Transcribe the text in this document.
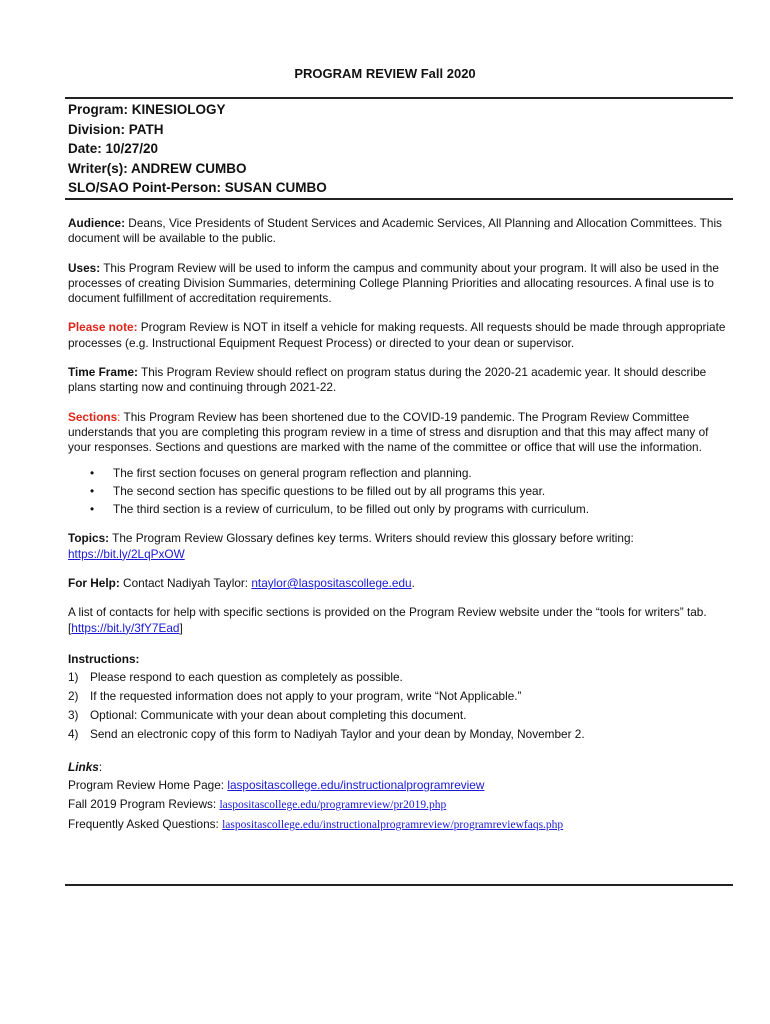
PROGRAM REVIEW Fall 2020
Program: KINESIOLOGY
Division: PATH
Date: 10/27/20
Writer(s): ANDREW CUMBO
SLO/SAO Point-Person: SUSAN CUMBO

Audience: Deans, Vice Presidents of Student Services and Academic Services, All Planning and Allocation Committees. This document will be available to the public.

Uses: This Program Review will be used to inform the campus and community about your program. It will also be used in the processes of creating Division Summaries, determining College Planning Priorities and allocating resources. A final use is to document fulfillment of accreditation requirements.

Please note: Program Review is NOT in itself a vehicle for making requests. All requests should be made through appropriate processes (e.g. Instructional Equipment Request Process) or directed to your dean or supervisor.

Time Frame: This Program Review should reflect on program status during the 2020-21 academic year. It should describe plans starting now and continuing through 2021-22.

Sections: This Program Review has been shortened due to the COVID-19 pandemic. The Program Review Committee understands that you are completing this program review in a time of stress and disruption and that this may affect many of your responses. Sections and questions are marked with the name of the committee or office that will use the information.

• The first section focuses on general program reflection and planning.
• The second section has specific questions to be filled out by all programs this year.
• The third section is a review of curriculum, to be filled out only by programs with curriculum.

Topics: The Program Review Glossary defines key terms. Writers should review this glossary before writing: https://bit.ly/2LqPxOW

For Help: Contact Nadiyah Taylor: ntaylor@laspositascollege.edu.

A list of contacts for help with specific sections is provided on the Program Review website under the “tools for writers” tab. [https://bit.ly/3fY7Ead]

Instructions:
1) Please respond to each question as completely as possible.
2) If the requested information does not apply to your program, write “Not Applicable.”
3) Optional: Communicate with your dean about completing this document.
4) Send an electronic copy of this form to Nadiyah Taylor and your dean by Monday, November 2.
Links:
Program Review Home Page: laspositascollege.edu/instructionalprogramreview
Fall 2019 Program Reviews: laspositascollege.edu/programreview/pr2019.php
Frequently Asked Questions: laspositascollege.edu/instructionalprogramreview/programreviewfaqs.php
